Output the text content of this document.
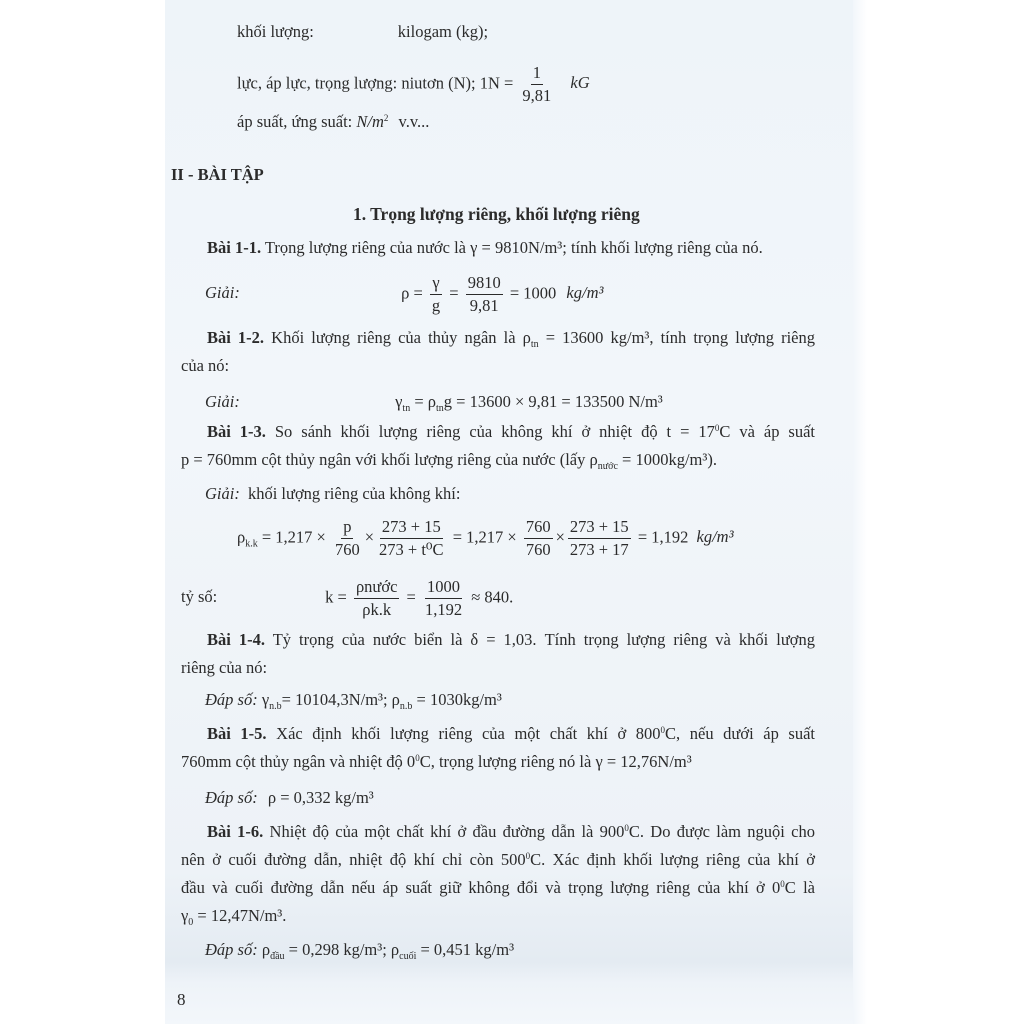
khối lượng:	kilogam (kg);
lực, áp lực, trọng lượng: niutơn (N); $1N = \frac{1}{9,81}$ kG
áp suất, ứng suất: $N/m^2$ v.v...
II - BÀI TẬP
1. Trọng lượng riêng, khối lượng riêng
Bài 1-1. Trọng lượng riêng của nước là γ = 9810N/m³; tính khối lượng riêng của nó.
Giải:	$\rho = \frac{\gamma}{g} = \frac{9810}{9,81} = 1000$ kg/m³
Bài 1-2. Khối lượng riêng của thủy ngân là $\rho_{tn} = 13600$ kg/m³, tính trọng lượng riêng
của nó:
Giải:	$\gamma_{tn} = \rho_{tn}g = 13600 \times 9,81 = 133500$ N/m³
Bài 1-3. So sánh khối lượng riêng của không khí ở nhiệt độ $t = 17^0C$ và áp suất
p = 760mm cột thủy ngân với khối lượng riêng của nước (lấy $\rho_{nước} = 1000kg/m^3$).
Giải: khối lượng riêng của không khí:
$\rho_{k.k} = 1,217 \times \frac{p}{760} \times \frac{273 + 15}{\text{273 + t⁰C}} = 1,217 \times \frac{760}{760} \times \frac{273 + 15}{273 + 17} = 1,192$ kg/m³
tỷ số:	$k = \frac{\text{ρnước}}{\rho k.k} = \frac{1000}{1,192} \approx 840$.
Bài 1-4. Tỷ trọng của nước biển là δ = 1,03. Tính trọng lượng riêng và khối lượng
riêng của nó:
Đáp số: $\gamma_{n.b}= 10104,3N/m^3$; $\rho_{n.b} = 1030kg/m^3$
Bài 1-5. Xác định khối lượng riêng của một chất khí ở $800^0C$, nếu dưới áp suất
760mm cột thủy ngân và nhiệt độ $0^0C$, trọng lượng riêng nó là γ = 12,76N/m³
Đáp số: ρ = 0,332 kg/m³
Bài 1-6. Nhiệt độ của một chất khí ở đầu đường dẫn là $900^0C$. Do được làm nguội cho
nên ở cuối đường dẫn, nhiệt độ khí chỉ còn $500^0C$. Xác định khối lượng riêng của khí ở
đầu và cuối đường dẫn nếu áp suất giữ không đổi và trọng lượng riêng của khí ở $0^0C$ là
$\gamma_0 = 12,47N/m^3$.
Đáp số: $\rho_{đầu} = 0,298$ kg/m³; $\rho_{cuối} = 0,451$ kg/m³
8
